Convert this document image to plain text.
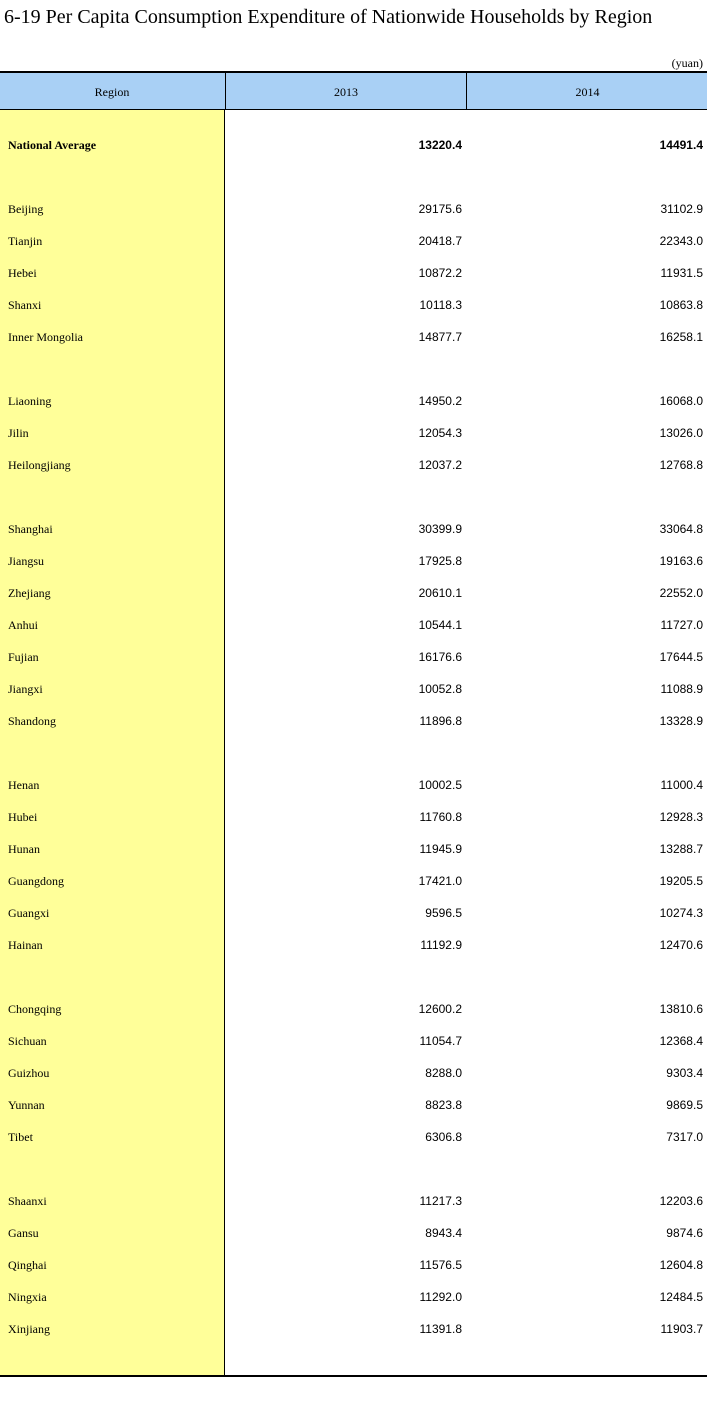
6-19 Per Capita Consumption Expenditure of Nationwide Households by Region
(yuan)
Region	2013	2014
National Average	13220.4	14491.4
Beijing	29175.6	31102.9
Tianjin	20418.7	22343.0
Hebei	10872.2	11931.5
Shanxi	10118.3	10863.8
Inner Mongolia	14877.7	16258.1
Liaoning	14950.2	16068.0
Jilin	12054.3	13026.0
Heilongjiang	12037.2	12768.8
Shanghai	30399.9	33064.8
Jiangsu	17925.8	19163.6
Zhejiang	20610.1	22552.0
Anhui	10544.1	11727.0
Fujian	16176.6	17644.5
Jiangxi	10052.8	11088.9
Shandong	11896.8	13328.9
Henan	10002.5	11000.4
Hubei	11760.8	12928.3
Hunan	11945.9	13288.7
Guangdong	17421.0	19205.5
Guangxi	9596.5	10274.3
Hainan	11192.9	12470.6
Chongqing	12600.2	13810.6
Sichuan	11054.7	12368.4
Guizhou	8288.0	9303.4
Yunnan	8823.8	9869.5
Tibet	6306.8	7317.0
Shaanxi	11217.3	12203.6
Gansu	8943.4	9874.6
Qinghai	11576.5	12604.8
Ningxia	11292.0	12484.5
Xinjiang	11391.8	11903.7
